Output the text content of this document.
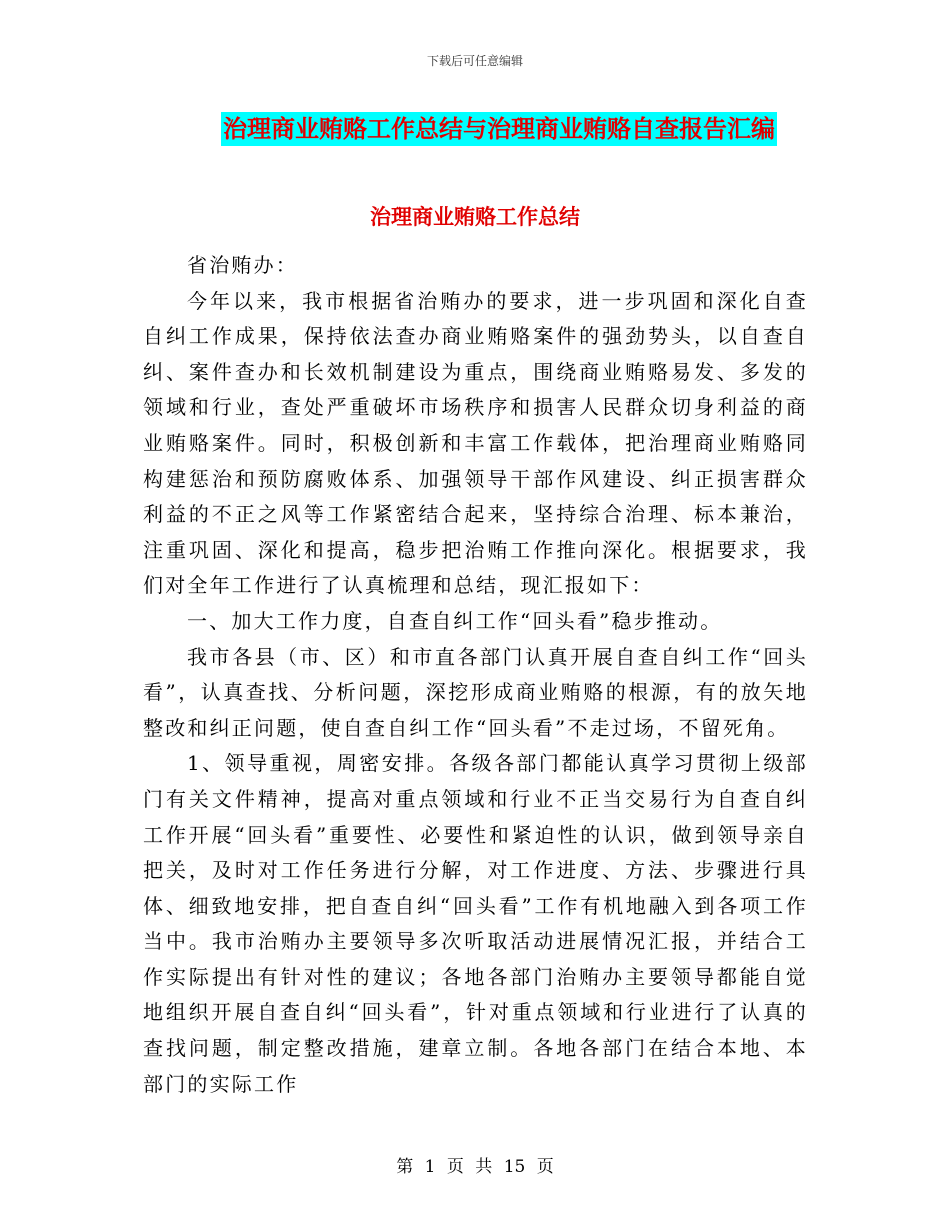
下载后可任意编辑
治理商业贿赂工作总结与治理商业贿赂自查报告汇编
治理商业贿赂工作总结

省治贿办：

今年以来，我市根据省治贿办的要求，进一步巩固和深化自查自纠工作成果，保持依法查办商业贿赂案件的强劲势头，以自查自纠、案件查办和长效机制建设为重点，围绕商业贿赂易发、多发的领域和行业，查处严重破坏市场秩序和损害人民群众切身利益的商业贿赂案件。同时，积极创新和丰富工作载体，把治理商业贿赂同构建惩治和预防腐败体系、加强领导干部作风建设、纠正损害群众利益的不正之风等工作紧密结合起来，坚持综合治理、标本兼治，注重巩固、深化和提高，稳步把治贿工作推向深化。根据要求，我们对全年工作进行了认真梳理和总结，现汇报如下：

一、加大工作力度，自查自纠工作“回头看”稳步推动。

我市各县（市、区）和市直各部门认真开展自查自纠工作“回头看”，认真查找、分析问题，深挖形成商业贿赂的根源，有的放矢地整改和纠正问题，使自查自纠工作“回头看”不走过场，不留死角。

1、领导重视，周密安排。各级各部门都能认真学习贯彻上级部门有关文件精神，提高对重点领域和行业不正当交易行为自查自纠工作开展“回头看”重要性、必要性和紧迫性的认识，做到领导亲自把关，及时对工作任务进行分解，对工作进度、方法、步骤进行具体、细致地安排，把自查自纠“回头看”工作有机地融入到各项工作当中。我市治贿办主要领导多次听取活动进展情况汇报，并结合工作实际提出有针对性的建议；各地各部门治贿办主要领导都能自觉地组织开展自查自纠“回头看”，针对重点领域和行业进行了认真的查找问题，制定整改措施，建章立制。各地各部门在结合本地、本部门的实际工作

第 1 页 共 15 页
